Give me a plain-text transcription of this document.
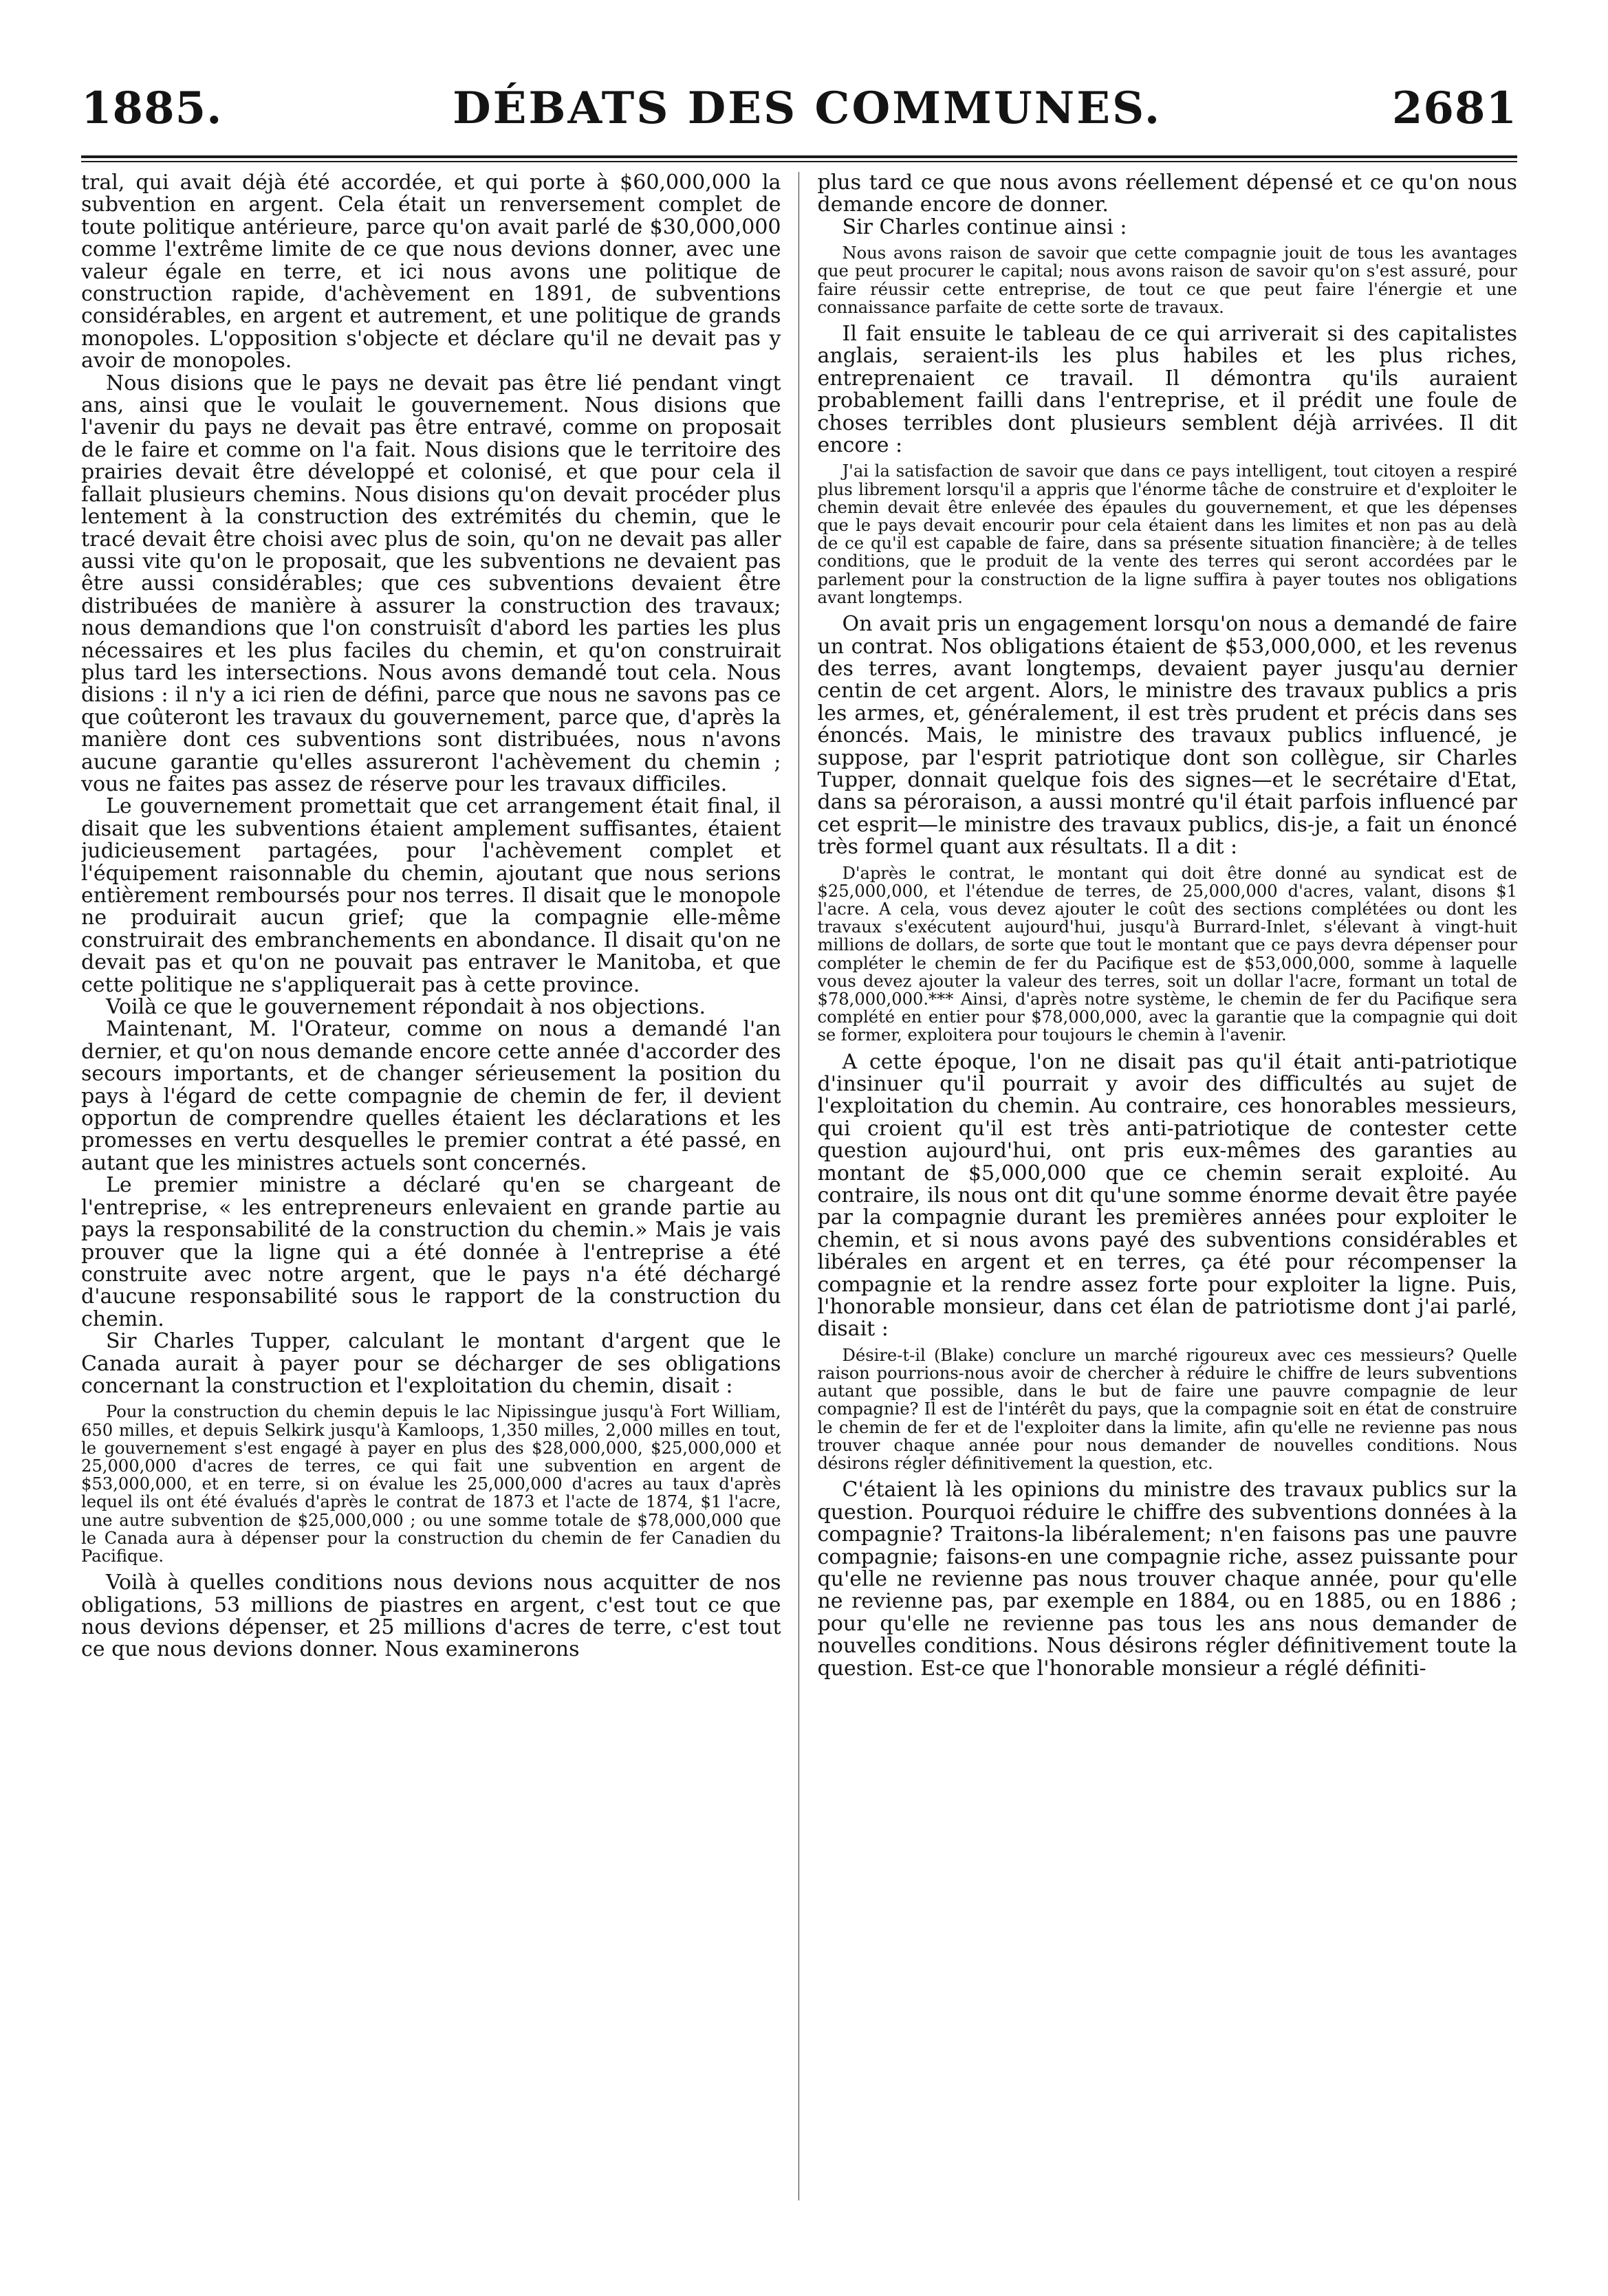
1885.	DÉBATS DES COMMUNES.	2681

tral, qui avait déjà été accordée, et qui porte à $60,000,000 la subvention en argent. Cela était un renversement complet de toute politique antérieure, parce qu'on avait parlé de $30,000,000 comme l'extrême limite de ce que nous devions donner, avec une valeur égale en terre, et ici nous avons une politique de construction rapide, d'achèvement en 1891, de subventions considérables, en argent et autrement, et une politique de grands monopoles. L'opposition s'objecte et déclare qu'il ne devait pas y avoir de monopoles.

Nous disions que le pays ne devait pas être lié pendant vingt ans, ainsi que le voulait le gouvernement. Nous disions que l'avenir du pays ne devait pas être entravé, comme on proposait de le faire et comme on l'a fait. Nous disions que le territoire des prairies devait être développé et colonisé, et que pour cela il fallait plusieurs chemins. Nous disions qu'on devait procéder plus lentement à la construction des extrémités du chemin, que le tracé devait être choisi avec plus de soin, qu'on ne devait pas aller aussi vite qu'on le proposait, que les subventions ne devaient pas être aussi considérables; que ces subventions devaient être distribuées de manière à assurer la construction des travaux; nous demandions que l'on construisît d'abord les parties les plus nécessaires et les plus faciles du chemin, et qu'on construirait plus tard les intersections. Nous avons demandé tout cela. Nous disions : il n'y a ici rien de défini, parce que nous ne savons pas ce que coûteront les travaux du gouvernement, parce que, d'après la manière dont ces subventions sont distribuées, nous n'avons aucune garantie qu'elles assureront l'achèvement du chemin ; vous ne faites pas assez de réserve pour les travaux difficiles.

Le gouvernement promettait que cet arrangement était final, il disait que les subventions étaient amplement suffisantes, étaient judicieusement partagées, pour l'achèvement complet et l'équipement raisonnable du chemin, ajoutant que nous serions entièrement remboursés pour nos terres. Il disait que le monopole ne produirait aucun grief; que la compagnie elle-même construirait des embranchements en abondance. Il disait qu'on ne devait pas et qu'on ne pouvait pas entraver le Manitoba, et que cette politique ne s'appliquerait pas à cette province.

Voilà ce que le gouvernement répondait à nos objections.

Maintenant, M. l'Orateur, comme on nous a demandé l'an dernier, et qu'on nous demande encore cette année d'accorder des secours importants, et de changer sérieusement la position du pays à l'égard de cette compagnie de chemin de fer, il devient opportun de comprendre quelles étaient les déclarations et les promesses en vertu desquelles le premier contrat a été passé, en autant que les ministres actuels sont concernés.

Le premier ministre a déclaré qu'en se chargeant de l'entreprise, « les entrepreneurs enlevaient en grande partie au pays la responsabilité de la construction du chemin.» Mais je vais prouver que la ligne qui a été donnée à l'entreprise a été construite avec notre argent, que le pays n'a été déchargé d'aucune responsabilité sous le rapport de la construction du chemin.

Sir Charles Tupper, calculant le montant d'argent que le Canada aurait à payer pour se décharger de ses obligations concernant la construction et l'exploitation du chemin, disait :

Pour la construction du chemin depuis le lac Nipissingue jusqu'à Fort William, 650 milles, et depuis Selkirk jusqu'à Kamloops, 1,350 milles, 2,000 milles en tout, le gouvernement s'est engagé à payer en plus des $28,000,000, $25,000,000 et 25,000,000 d'acres de terres, ce qui fait une subvention en argent de $53,000,000, et en terre, si on évalue les 25,000,000 d'acres au taux d'après lequel ils ont été évalués d'après le contrat de 1873 et l'acte de 1874, $1 l'acre, une autre subvention de $25,000,000 ; ou une somme totale de $78,000,000 que le Canada aura à dépenser pour la construction du chemin de fer Canadien du Pacifique.

Voilà à quelles conditions nous devions nous acquitter de nos obligations, 53 millions de piastres en argent, c'est tout ce que nous devions dépenser, et 25 millions d'acres de terre, c'est tout ce que nous devions donner. Nous examinerons

plus tard ce que nous avons réellement dépensé et ce qu'on nous demande encore de donner.

Sir Charles continue ainsi :

Nous avons raison de savoir que cette compagnie jouit de tous les avantages que peut procurer le capital; nous avons raison de savoir qu'on s'est assuré, pour faire réussir cette entreprise, de tout ce que peut faire l'énergie et une connaissance parfaite de cette sorte de travaux.

Il fait ensuite le tableau de ce qui arriverait si des capitalistes anglais, seraient-ils les plus habiles et les plus riches, entreprenaient ce travail. Il démontra qu'ils auraient probablement failli dans l'entreprise, et il prédit une foule de choses terribles dont plusieurs semblent déjà arrivées. Il dit encore :

J'ai la satisfaction de savoir que dans ce pays intelligent, tout citoyen a respiré plus librement lorsqu'il a appris que l'énorme tâche de construire et d'exploiter le chemin devait être enlevée des épaules du gouvernement, et que les dépenses que le pays devait encourir pour cela étaient dans les limites et non pas au delà de ce qu'il est capable de faire, dans sa présente situation financière; à de telles conditions, que le produit de la vente des terres qui seront accordées par le parlement pour la construction de la ligne suffira à payer toutes nos obligations avant longtemps.

On avait pris un engagement lorsqu'on nous a demandé de faire un contrat. Nos obligations étaient de $53,000,000, et les revenus des terres, avant longtemps, devaient payer jusqu'au dernier centin de cet argent. Alors, le ministre des travaux publics a pris les armes, et, généralement, il est très prudent et précis dans ses énoncés. Mais, le ministre des travaux publics influencé, je suppose, par l'esprit patriotique dont son collègue, sir Charles Tupper, donnait quelque fois des signes—et le secrétaire d'Etat, dans sa péroraison, a aussi montré qu'il était parfois influencé par cet esprit—le ministre des travaux publics, dis-je, a fait un énoncé très formel quant aux résultats. Il a dit :

D'après le contrat, le montant qui doit être donné au syndicat est de $25,000,000, et l'étendue de terres, de 25,000,000 d'acres, valant, disons $1 l'acre. A cela, vous devez ajouter le coût des sections complétées ou dont les travaux s'exécutent aujourd'hui, jusqu'à Burrard-Inlet, s'élevant à vingt-huit millions de dollars, de sorte que tout le montant que ce pays devra dépenser pour compléter le chemin de fer du Pacifique est de $53,000,000, somme à laquelle vous devez ajouter la valeur des terres, soit un dollar l'acre, formant un total de $78,000,000.*** Ainsi, d'après notre système, le chemin de fer du Pacifique sera complété en entier pour $78,000,000, avec la garantie que la compagnie qui doit se former, exploitera pour toujours le chemin à l'avenir.

A cette époque, l'on ne disait pas qu'il était anti-patriotique d'insinuer qu'il pourrait y avoir des difficultés au sujet de l'exploitation du chemin. Au contraire, ces honorables messieurs, qui croient qu'il est très anti-patriotique de contester cette question aujourd'hui, ont pris eux-mêmes des garanties au montant de $5,000,000 que ce chemin serait exploité. Au contraire, ils nous ont dit qu'une somme énorme devait être payée par la compagnie durant les premières années pour exploiter le chemin, et si nous avons payé des subventions considérables et libérales en argent et en terres, ça été pour récompenser la compagnie et la rendre assez forte pour exploiter la ligne. Puis, l'honorable monsieur, dans cet élan de patriotisme dont j'ai parlé, disait :

Désire-t-il (Blake) conclure un marché rigoureux avec ces messieurs? Quelle raison pourrions-nous avoir de chercher à réduire le chiffre de leurs subventions autant que possible, dans le but de faire une pauvre compagnie de leur compagnie? Il est de l'intérêt du pays, que la compagnie soit en état de construire le chemin de fer et de l'exploiter dans la limite, afin qu'elle ne revienne pas nous trouver chaque année pour nous demander de nouvelles conditions. Nous désirons régler définitivement la question, etc.

C'étaient là les opinions du ministre des travaux publics sur la question. Pourquoi réduire le chiffre des subventions données à la compagnie? Traitons-la libéralement; n'en faisons pas une pauvre compagnie; faisons-en une compagnie riche, assez puissante pour qu'elle ne revienne pas nous trouver chaque année, pour qu'elle ne revienne pas, par exemple en 1884, ou en 1885, ou en 1886 ; pour qu'elle ne revienne pas tous les ans nous demander de nouvelles conditions. Nous désirons régler définitivement toute la question. Est-ce que l'honorable monsieur a réglé définiti-
